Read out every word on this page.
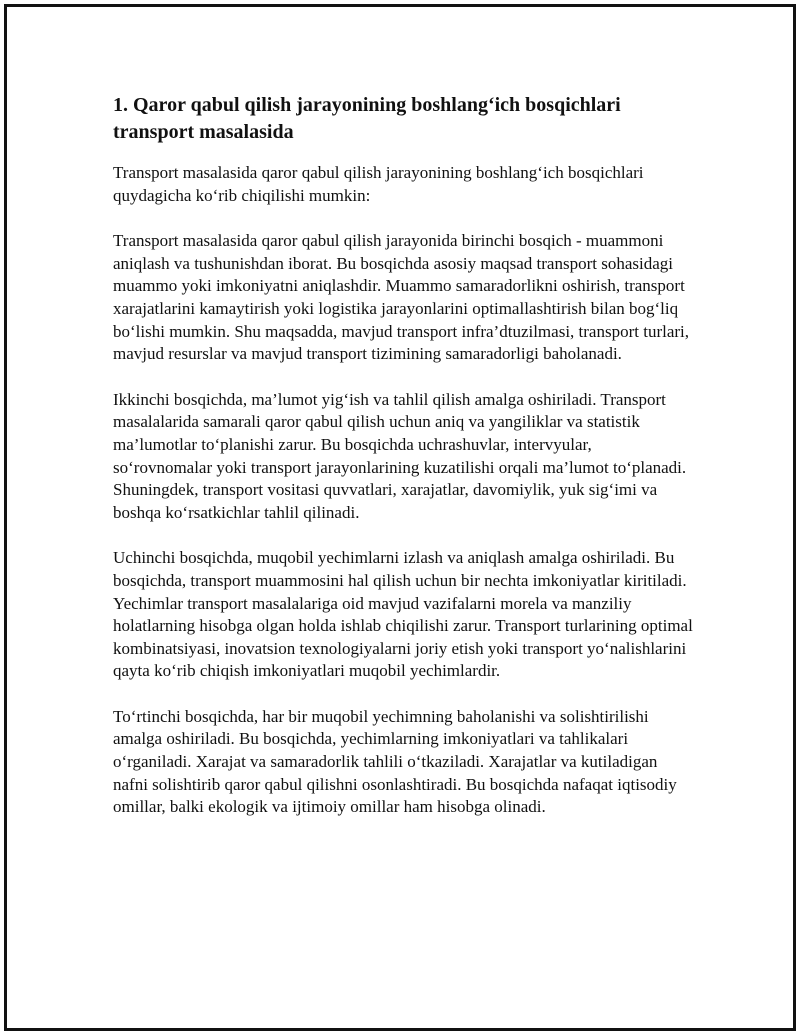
1. Qaror qabul qilish jarayonining boshlang‘ich bosqichlari transport masalasida

Transport masalasida qaror qabul qilish jarayonining boshlang‘ich bosqichlari quydagicha ko‘rib chiqilishi mumkin:

Transport masalasida qaror qabul qilish jarayonida birinchi bosqich - muammoni aniqlash va tushunishdan iborat. Bu bosqichda asosiy maqsad transport sohasidagi muammo yoki imkoniyatni aniqlashdir. Muammo samaradorlikni oshirish, transport xarajatlarini kamaytirish yoki logistika jarayonlarini optimallashtirish bilan bog‘liq bo‘lishi mumkin. Shu maqsadda, mavjud transport infra’dtuzilmasi, transport turlari, mavjud resurslar va mavjud transport tizimining samaradorligi baholanadi.

Ikkinchi bosqichda, ma’lumot yig‘ish va tahlil qilish amalga oshiriladi. Transport masalalarida samarali qaror qabul qilish uchun aniq va yangiliklar va statistik ma’lumotlar to‘planishi zarur. Bu bosqichda uchrashuvlar, intervyular, so‘rovnomalar yoki transport jarayonlarining kuzatilishi orqali ma’lumot to‘planadi. Shuningdek, transport vositasi quvvatlari, xarajatlar, davomiylik, yuk sig‘imi va boshqa ko‘rsatkichlar tahlil qilinadi.

Uchinchi bosqichda, muqobil yechimlarni izlash va aniqlash amalga oshiriladi. Bu bosqichda, transport muammosini hal qilish uchun bir nechta imkoniyatlar kiritiladi. Yechimlar transport masalalariga oid mavjud vazifalarni morela va manziliy holatlarning hisobga olgan holda ishlab chiqilishi zarur. Transport turlarining optimal kombinatsiyasi, inovatsion texnologiyalarni joriy etish yoki transport yo‘nalishlarini qayta ko‘rib chiqish imkoniyatlari muqobil yechimlardir.

To‘rtinchi bosqichda, har bir muqobil yechimning baholanishi va solishtirilishi amalga oshiriladi. Bu bosqichda, yechimlarning imkoniyatlari va tahlikalari o‘rganiladi. Xarajat va samaradorlik tahlili o‘tkaziladi. Xarajatlar va kutiladigan nafni solishtirib qaror qabul qilishni osonlashtiradi. Bu bosqichda nafaqat iqtisodiy omillar, balki ekologik va ijtimoiy omillar ham hisobga olinadi.
